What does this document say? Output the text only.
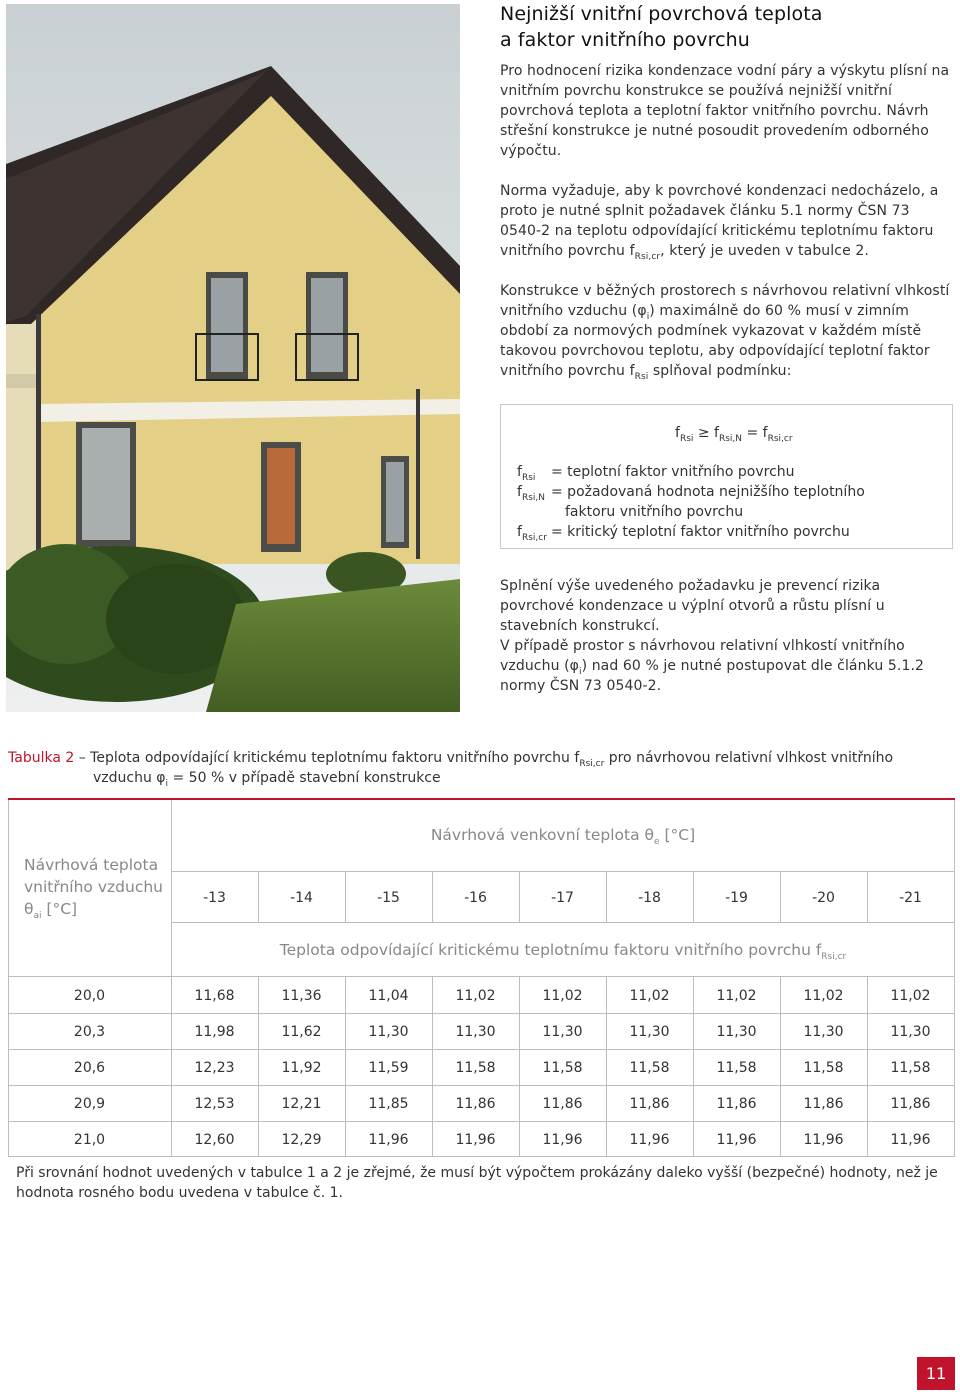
Nejnižší vnitřní povrchová teplota
a faktor vnitřního povrchu

Pro hodnocení rizika kondenzace vodní páry a výskytu plísní na vnitřním povrchu konstrukce se používá nejnižší vnitřní povrchová teplota a teplotní faktor vnitřního povrchu. Návrh střešní konstrukce je nutné posoudit provedením odborného výpočtu.

Norma vyžaduje, aby k povrchové kondenzaci nedocházelo, a proto je nutné splnit požadavek článku 5.1 normy ČSN 73 0540-2 na teplotu odpovídající kritickému teplotnímu faktoru vnitřního povrchu $f_{Rsi,cr}$, který je uveden v tabulce 2.

Konstrukce v běžných prostorech s návrhovou relativní vlhkostí vnitřního vzduchu $(\varphi_i)$ maximálně do 60 % musí v zimním období za normových podmínek vykazovat v každém místě takovou povrchovou teplotu, aby odpovídající teplotní faktor vnitřního povrchu $f_{Rsi}$ splňoval podmínku:

$f_{Rsi} \ge f_{Rsi,N} = f_{Rsi,cr}$
$f_{Rsi}$ = teplotní faktor vnitřního povrchu
$f_{Rsi,N}$ = požadovaná hodnota nejnižšího teplotního
faktoru vnitřního povrchu
$f_{Rsi,cr}$ = kritický teplotní faktor vnitřního povrchu

Splnění výše uvedeného požadavku je prevencí rizika povrchové kondenzace u výplní otvorů a růstu plísní u stavebních konstrukcí.

V případě prostor s návrhovou relativní vlhkostí vnitřního vzduchu $(\varphi_i)$ nad 60 % je nutné postupovat dle článku 5.1.2 normy ČSN 73 0540-2.

Tabulka 2 – Teplota odpovídající kritickému teplotnímu faktoru vnitřního povrchu $f_{Rsi,cr}$ pro návrhovou relativní vlhkost vnitřního
vzduchu $\varphi_i = 50$ % v případě stavební konstrukce
Návrhová teplota vnitřního vzduchu
$\theta_{ai}$ [°C]
Návrhová venkovní teplota $\theta_e$ [°C]
Teplota odpovídající kritickému teplotnímu faktoru vnitřního povrchu $f_{Rsi,cr}$
-13	-14	-15	-16	-17	-18	-19	-20	-21
20,0	11,68	11,36	11,04	11,02	11,02	11,02	11,02	11,02	11,02
20,3	11,98	11,62	11,30	11,30	11,30	11,30	11,30	11,30	11,30
20,6	12,23	11,92	11,59	11,58	11,58	11,58	11,58	11,58	11,58
20,9	12,53	12,21	11,85	11,86	11,86	11,86	11,86	11,86	11,86
21,0	12,60	12,29	11,96	11,96	11,96	11,96	11,96	11,96	11,96

Při srovnání hodnot uvedených v tabulce 1 a 2 je zřejmé, že musí být výpočtem prokázány daleko vyšší (bezpečné) hodnoty, než je hodnota rosného bodu uvedena v tabulce č. 1.

11
